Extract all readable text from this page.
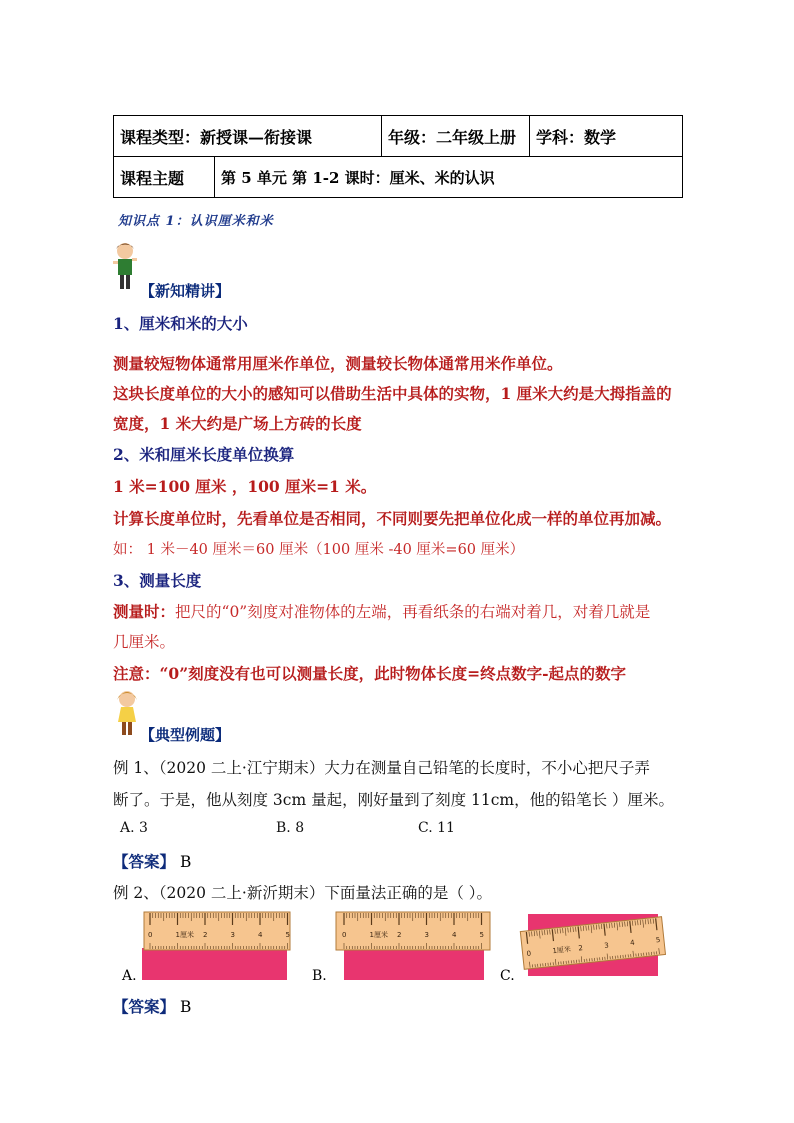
课程类型：新授课—衔接课		年级：二年级上册	学科：数学
课程主题	第 5 单元 第 1-2 课时：厘米、米的认识		
知识点 1：认识厘米和米
【新知精讲】
1、厘米和米的大小
测量较短物体通常用厘米作单位，测量较长物体通常用米作单位。
这块长度单位的大小的感知可以借助生活中具体的实物，1 厘米大约是大拇指盖的
宽度，1 米大约是广场上方砖的长度
2、米和厘米长度单位换算
1 米=100 厘米 ，100 厘米=1 米。
计算长度单位时，先看单位是否相同，不同则要先把单位化成一样的单位再加减。
如： 1 米－40 厘米＝60 厘米（100 厘米 -40 厘米=60 厘米）
3、测量长度
测量时：把尺的“0”刻度对准物体的左端，再看纸条的右端对着几，对着几就是
几厘米。
注意：“0”刻度没有也可以测量长度，此时物体长度=终点数字-起点的数字
【典型例题】
例 1、（2020 二上·江宁期末）大力在测量自己铅笔的长度时，不小心把尺子弄
断了。于是，他从刻度 3cm 量起，刚好量到了刻度 11cm，他的铅笔长 ）厘米。
A. 3	B. 8	C. 11
【答案】 B
例 2、（2020 二上·新沂期末）下面量法正确的是（ ）。
0	1厘米 2	3	4	5
A.
0	1厘米 2	3	4	5
B.
0	1厘米 2	3	4	5
C.
【答案】 B
